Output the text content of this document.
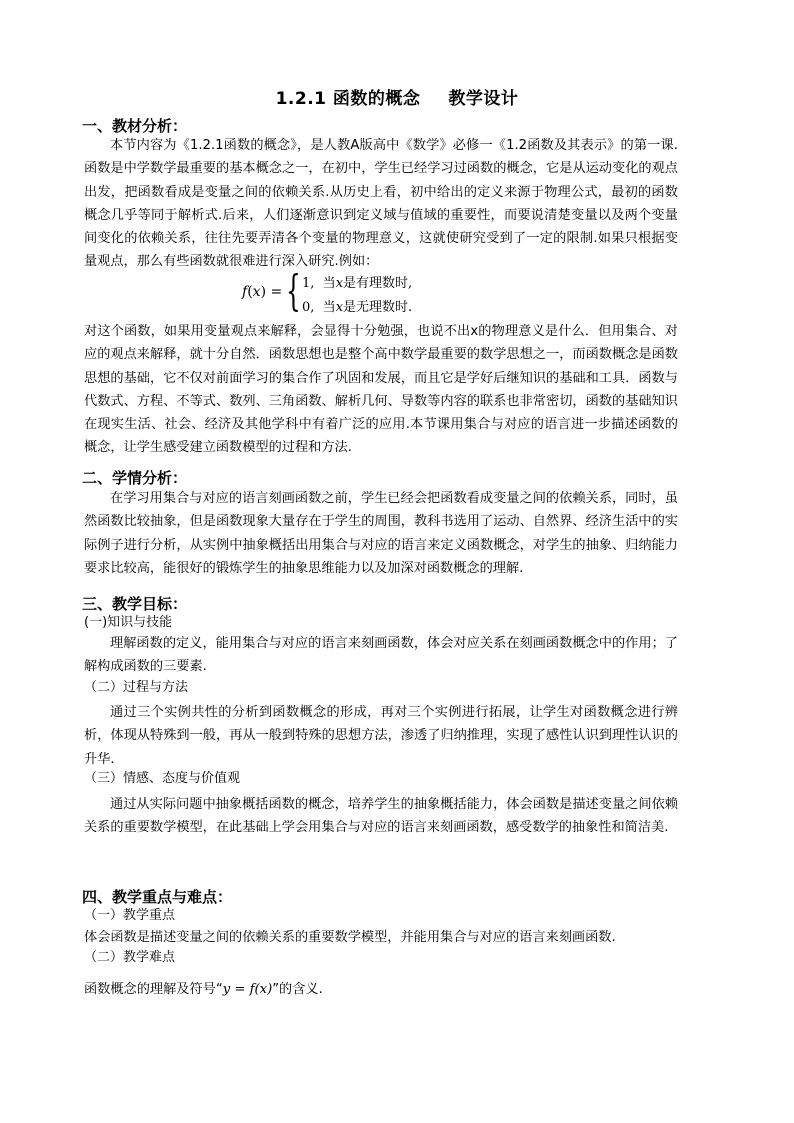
1.2.1 函数的概念 教学设计
一、教材分析：
本节内容为《1.2.1函数的概念》，是人教A版高中《数学》必修一《1.2函数及其表示》的第一课.函数是中学数学最重要的基本概念之一，在初中，学生已经学习过函数的概念，它是从运动变化的观点出发，把函数看成是变量之间的依赖关系.从历史上看，初中给出的定义来源于物理公式，最初的函数概念几乎等同于解析式.后来，人们逐渐意识到定义域与值域的重要性，而要说清楚变量以及两个变量间变化的依赖关系，往往先要弄清各个变量的物理意义，这就使研究受到了一定的限制.如果只根据变量观点，那么有些函数就很难进行深入研究.例如：
f(x) = { 1, 当x是有理数时,
0, 当x是无理数时.
对这个函数，如果用变量观点来解释，会显得十分勉强，也说不出x的物理意义是什么．但用集合、对应的观点来解释，就十分自然．函数思想也是整个高中数学最重要的数学思想之一，而函数概念是函数思想的基础，它不仅对前面学习的集合作了巩固和发展，而且它是学好后继知识的基础和工具．函数与代数式、方程、不等式、数列、三角函数、解析几何、导数等内容的联系也非常密切，函数的基础知识在现实生活、社会、经济及其他学科中有着广泛的应用.本节课用集合与对应的语言进一步描述函数的概念，让学生感受建立函数模型的过程和方法.
二、学情分析：
在学习用集合与对应的语言刻画函数之前，学生已经会把函数看成变量之间的依赖关系，同时，虽然函数比较抽象，但是函数现象大量存在于学生的周围，教科书选用了运动、自然界、经济生活中的实际例子进行分析，从实例中抽象概括出用集合与对应的语言来定义函数概念，对学生的抽象、归纳能力要求比较高，能很好的锻炼学生的抽象思维能力以及加深对函数概念的理解.
三、教学目标：
(一)知识与技能
理解函数的定义，能用集合与对应的语言来刻画函数，体会对应关系在刻画函数概念中的作用；了解构成函数的三要素.
（二）过程与方法
通过三个实例共性的分析到函数概念的形成，再对三个实例进行拓展，让学生对函数概念进行辨析，体现从特殊到一般，再从一般到特殊的思想方法，渗透了归纳推理，实现了感性认识到理性认识的升华.
（三）情感、态度与价值观
通过从实际问题中抽象概括函数的概念，培养学生的抽象概括能力，体会函数是描述变量之间依赖关系的重要数学模型，在此基础上学会用集合与对应的语言来刻画函数，感受数学的抽象性和简洁美.
四、教学重点与难点：
（一）教学重点
体会函数是描述变量之间的依赖关系的重要数学模型，并能用集合与对应的语言来刻画函数.
（二）教学难点
函数概念的理解及符号“y = f(x)”的含义.
